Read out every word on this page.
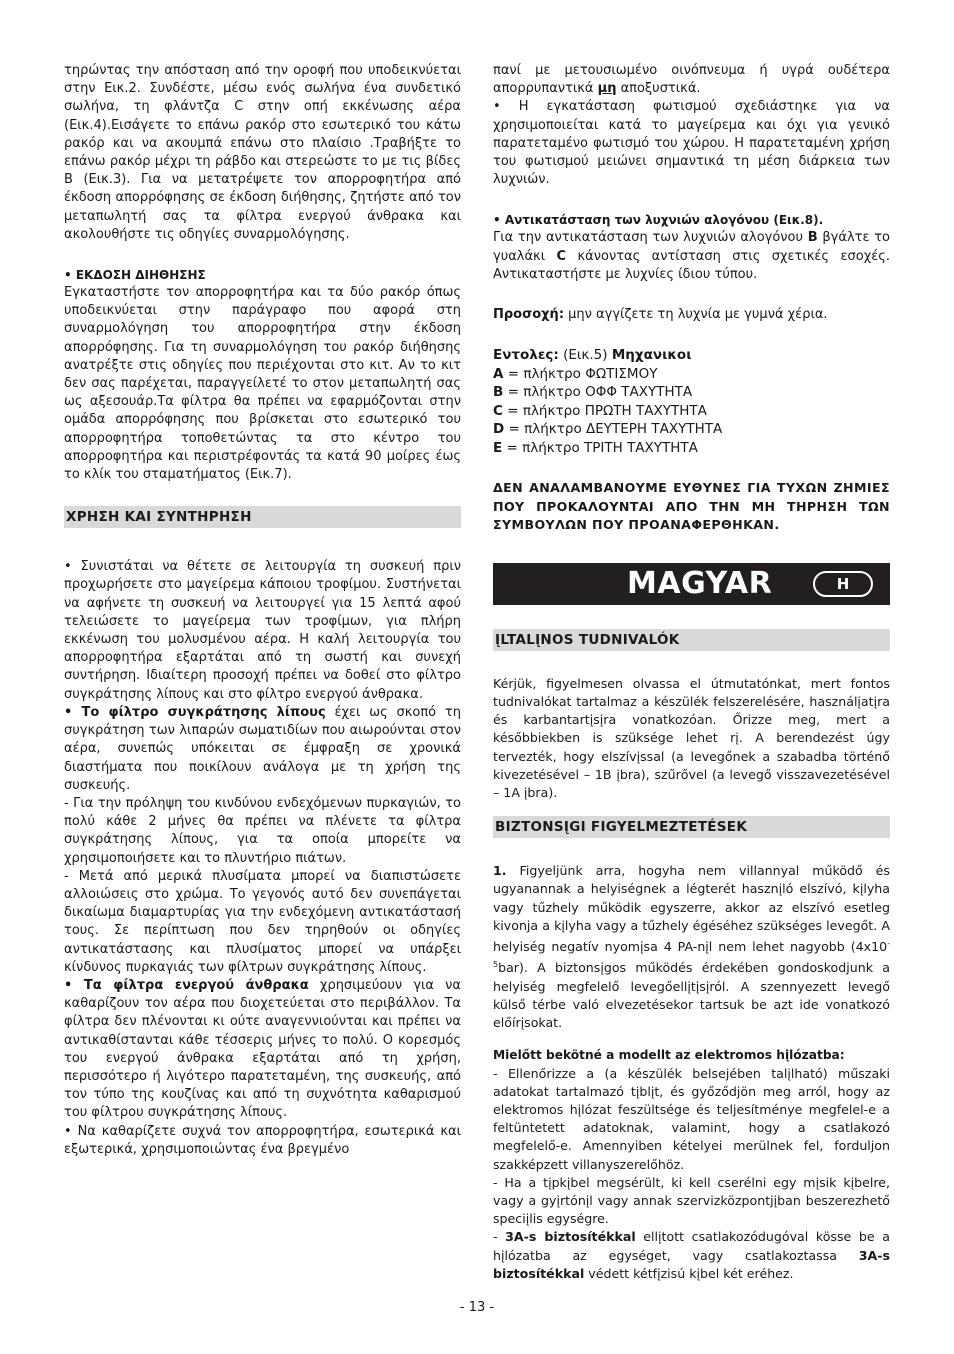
τηρώντας την απόσταση από την οροφή που υποδεικνύεται στην Εικ.2. Συνδέστε, μέσω ενός σωλήνα ένα συνδετικό σωλήνα, τη φλάντζα C στην οπή εκκένωσης αέρα (Εικ.4).Εισάγετε το επάνω ρακόρ στο εσωτερικό του κάτω ρακόρ και να ακουμπά επάνω στο πλαίσιο .Τραβήξτε το επάνω ρακόρ μέχρι τη ράβδο και στερεώστε το με τις βίδες B (Εικ.3). Για να μετατρέψετε τον απορροφητήρα από έκδοση απορρόφησης σε έκδοση διήθησης, ζητήστε από τον μεταπωλητή σας τα φίλτρα ενεργού άνθρακα και ακολουθήστε τις οδηγίες συναρμολόγησης.

• ΕΚΔΟΣΗ ΔΙΗΘΗΣΗΣ

Εγκαταστήστε τον απορροφητήρα και τα δύο ρακόρ όπως υποδεικνύεται στην παράγραφο που αφορά στη συναρμολόγηση του απορροφητήρα στην έκδοση απορρόφησης. Για τη συναρμολόγηση του ρακόρ διήθησης ανατρέξτε στις οδηγίες που περιέχονται στο κιτ. Αν το κιτ δεν σας παρέχεται, παραγγείλετέ το στον μεταπωλητή σας ως αξεσουάρ.Τα φίλτρα θα πρέπει να εφαρμόζονται στην ομάδα απορρόφησης που βρίσκεται στο εσωτερικό του απορροφητήρα τοποθετώντας τα στο κέντρο του απορροφητήρα και περιστρέφοντάς τα κατά 90 μοίρες έως το κλίκ του σταματήματος (Εικ.7).

ΧΡΗΣΗ ΚΑΙ ΣΥΝΤΗΡΗΣΗ

• Συνιστάται να θέτετε σε λειτουργία τη συσκευή πριν προχωρήσετε στο μαγείρεμα κάποιου τροφίμου. Συστήνεται να αφήνετε τη συσκευή να λειτουργεί για 15 λεπτά αφού τελειώσετε το μαγείρεμα των τροφίμων, για πλήρη εκκένωση του μολυσμένου αέρα. Η καλή λειτουργία του απορροφητήρα εξαρτάται από τη σωστή και συνεχή συντήρηση. Ιδιαίτερη προσοχή πρέπει να δοθεί στο φίλτρο συγκράτησης λίπους και στο φίλτρο ενεργού άνθρακα.

• Το φίλτρο συγκράτησης λίπους έχει ως σκοπό τη συγκράτηση των λιπαρών σωματιδίων που αιωρούνται στον αέρα, συνεπώς υπόκειται σε έμφραξη σε χρονικά διαστήματα που ποικίλουν ανάλογα με τη χρήση της συσκευής.

- Για την πρόληψη του κινδύνου ενδεχόμενων πυρκαγιών, το πολύ κάθε 2 μήνες θα πρέπει να πλένετε τα φίλτρα συγκράτησης λίπους, για τα οποία μπορείτε να χρησιμοποιήσετε και το πλυντήριο πιάτων.

- Μετά από μερικά πλυσίματα μπορεί να διαπιστώσετε αλλοιώσεις στο χρώμα. Το γεγονός αυτό δεν συνεπάγεται δικαίωμα διαμαρτυρίας για την ενδεχόμενη αντικατάστασή τους. Σε περίπτωση που δεν τηρηθούν οι οδηγίες αντικατάστασης και πλυσίματος μπορεί να υπάρξει κίνδυνος πυρκαγιάς των φίλτρων συγκράτησης λίπους.

• Τα φίλτρα ενεργού άνθρακα χρησιμεύουν για να καθαρίζουν τον αέρα που διοχετεύεται στο περιβάλλον. Τα φίλτρα δεν πλένονται κι ούτε αναγεννιούνται και πρέπει να αντικαθίστανται κάθε τέσσερις μήνες το πολύ. Ο κορεσμός του ενεργού άνθρακα εξαρτάται από τη χρήση, περισσότερο ή λιγότερο παρατεταμένη, της συσκευής, από τον τύπο της κουζίνας και από τη συχνότητα καθαρισμού του φίλτρου συγκράτησης λίπους.

• Να καθαρίζετε συχνά τον απορροφητήρα, εσωτερικά και εξωτερικά, χρησιμοποιώντας ένα βρεγμένο

πανί με μετουσιωμένο οινόπνευμα ή υγρά ουδέτερα απορρυπαντικά μη αποξυστικά.

• Η εγκατάσταση φωτισμού σχεδιάστηκε για να χρησιμοποιείται κατά το μαγείρεμα και όχι για γενικό παρατεταμένο φωτισμό του χώρου. Η παρατεταμένη χρήση του φωτισμού μειώνει σημαντικά τη μέση διάρκεια των λυχνιών.

• Αντικατάσταση των λυχνιών αλογόνου (Εικ.8).

Για την αντικατάσταση των λυχνιών αλογόνου B βγάλτε το γυαλάκι C κάνοντας αντίσταση στις σχετικές εσοχές. Αντικαταστήστε με λυχνίες ίδιου τύπου.

Προσοχή: μην αγγίζετε τη λυχνία με γυμνά χέρια.

Εντολες: (Εικ.5) Μηχανικοι

A = πλήκτρο ΦΩΤΙΣΜΟΥ

B = πλήκτρο ΟΦΦ ΤΑΧΥΤΗΤΑ

C = πλήκτρο ΠΡΩΤΗ ΤΑΧΥΤΗΤΑ

D = πλήκτρο ΔΕΥΤΕΡΗ ΤΑΧΥΤΗΤΑ

E = πλήκτρο ΤΡΙΤΗ ΤΑΧΥΤΗΤΑ

ΔΕΝ ΑΝΑΛΑΜΒΑΝΟΥΜΕ ΕΥΘΥΝΕΣ ΓΙΑ ΤΥΧΩΝ ΖΗΜΙΕΣ ΠΟΥ ΠΡΟΚΑΛΟΥΝΤΑΙ ΑΠΟ ΤΗΝ ΜΗ ΤΗΡΗΣΗ ΤΩΝ ΣΥΜΒΟΥΛΩΝ ΠΟΥ ΠΡΟΑΝΑΦΕΡΘΗΚΑΝ.

MAGYAR	H
ĮLTALĮNOS TUDNIVALÓK

Kérjük, figyelmesen olvassa el útmutatónkat, mert fontos tudnivalókat tartalmaz a készülék felszerelésére, használįatįra és karbantartįsįra vonatkozóan. Őrizze meg, mert a későbbiekben is szüksége lehet rį. A berendezést úgy tervezték, hogy elszívįssal (a levegőnek a szabadba történő kivezetésével – 1B įbra), szűrővel (a levegő visszavezetésével – 1A įbra).

BIZTONSĮGI FIGYELMEZTETÉSEK

1. Figyeljünk arra, hogyha nem villannyal működő és ugyanannak a helyiségnek a légterét hasznįló elszívó, kįlyha vagy tűzhely működik egyszerre, akkor az elszívó esetleg kivonja a kįlyha vagy a tűzhely égéséhez szükséges levegőt. A helyiség negatív nyomįsa 4 PA-nįl nem lehet nagyobb $(4x10^{-5}bar)$. A biztonsįgos működés érdekében gondoskodjunk a helyiség megfelelő levegőellįtįsįról. A szennyezett levegő külső térbe való elvezetésekor tartsuk be azt ide vonatkozó előírįsokat.

Mielőtt bekötné a modellt az elektromos hįlózatba:

- Ellenőrizze a (a készülék belsejében talįlható) műszaki adatokat tartalmazó tįblįt, és győződjön meg arról, hogy az elektromos hįlózat feszültsége és teljesítménye megfelel-e a feltüntetett adatoknak, valamint, hogy a csatlakozó megfelelő-e. Amennyiben kételyei merülnek fel, forduljon szakképzett villanyszerelőhöz.

- Ha a tįpkįbel megsérült, ki kell cserélni egy mįsik kįbelre, vagy a gyįrtónįl vagy annak szervizközpontjįban beszerezhető speciįlis egységre.

- 3A-s biztosítékkal ellįtott csatlakozódugóval kösse be a hįlózatba az egységet, vagy csatlakoztassa 3A-s biztosítékkal védett kétfįzisú kįbel két eréhez.

- 13 -
